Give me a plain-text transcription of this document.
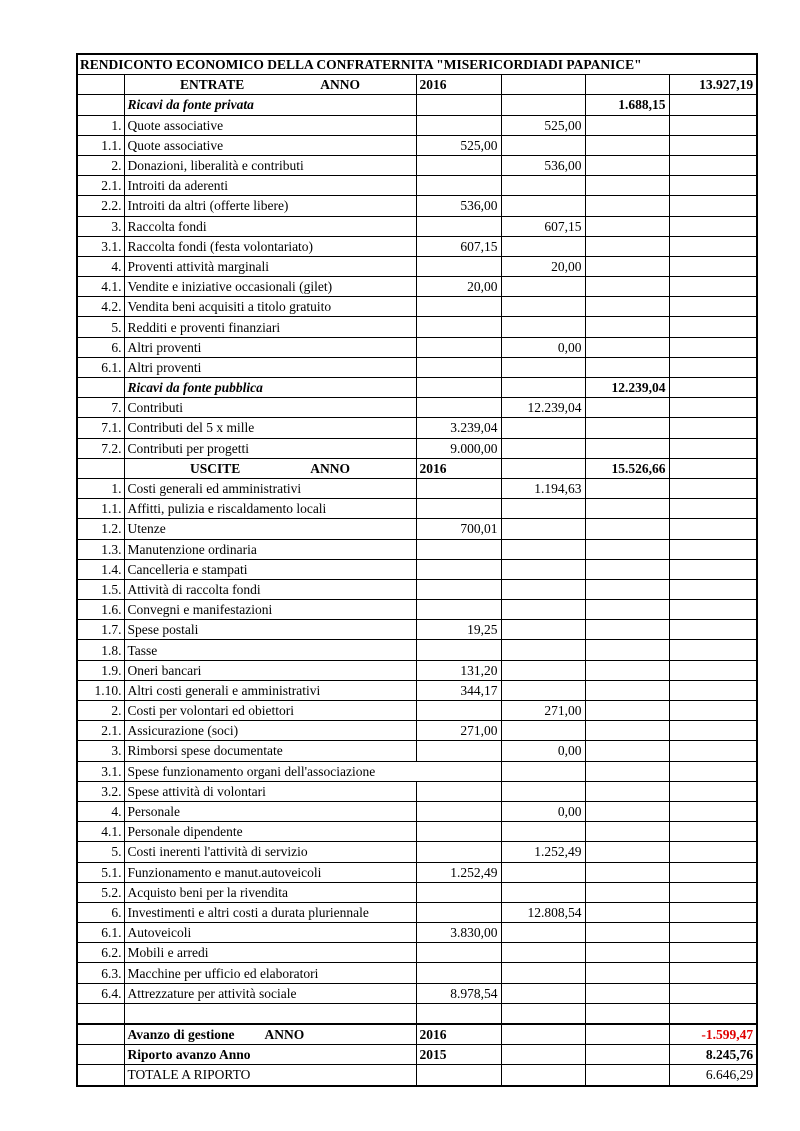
RENDICONTO ECONOMICO DELLA CONFRATERNITA "MISERICORDIADI PAPANICE"					
	ENTRATE ANNO	2016			13.927,19
	Ricavi da fonte privata			1.688,15	
1.	Quote associative		525,00		
1.1.	Quote associative	525,00			
2.	Donazioni, liberalità e contributi		536,00		
2.1.	Introiti da aderenti				
2.2.	Introiti da altri (offerte libere)	536,00			
3.	Raccolta fondi		607,15		
3.1.	Raccolta fondi (festa volontariato)	607,15			
4.	Proventi attività marginali		20,00		
4.1.	Vendite e iniziative occasionali (gilet)	20,00			
4.2.	Vendita beni acquisiti a titolo gratuito				
5.	Redditi e proventi finanziari				
6.	Altri proventi		0,00		
6.1.	Altri proventi				
	Ricavi da fonte pubblica			12.239,04	
7.	Contributi		12.239,04		
7.1.	Contributi del 5 x mille	3.239,04			
7.2.	Contributi per progetti	9.000,00			
	USCITE ANNO	2016		15.526,66	
1.	Costi generali ed amministrativi		1.194,63		
1.1.	Affitti, pulizia e riscaldamento locali				
1.2.	Utenze	700,01			
1.3.	Manutenzione ordinaria				
1.4.	Cancelleria e stampati				
1.5.	Attività di raccolta fondi				
1.6.	Convegni e manifestazioni				
1.7.	Spese postali	19,25			
1.8.	Tasse				
1.9.	Oneri bancari	131,20			
1.10.	Altri costi generali e amministrativi	344,17			
2.	Costi per volontari ed obiettori		271,00		
2.1.	Assicurazione (soci)	271,00			
3.	Rimborsi spese documentate		0,00		
3.1.	Spese funzionamento organi dell'associazione				
3.2.	Spese attività di volontari				
4.	Personale		0,00		
4.1.	Personale dipendente				
5.	Costi inerenti l'attività di servizio		1.252,49		
5.1.	Funzionamento e manut.autoveicoli	1.252,49			
5.2.	Acquisto beni per la rivendita				
6.	Investimenti e altri costi a durata pluriennale		12.808,54		
6.1.	Autoveicoli	3.830,00			
6.2.	Mobili e arredi				
6.3.	Macchine per ufficio ed elaboratori				
6.4.	Attrezzature per attività sociale	8.978,54			

	Avanzo di gestione ANNO	2016			-1.599,47
	Riporto avanzo Anno	2015			8.245,76
	TOTALE A RIPORTO				6.646,29
